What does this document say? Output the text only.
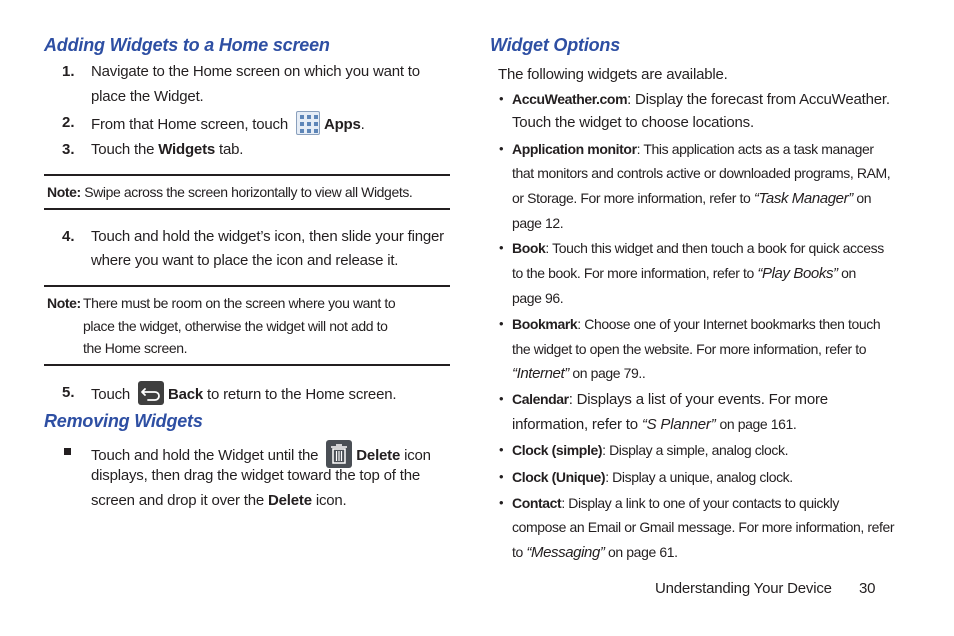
Adding Widgets to a Home screen
1. Navigate to the Home screen on which you want to
place the Widget.
2. From that Home screen, touch Apps.
3. Touch the Widgets tab.
Note: Swipe across the screen horizontally to view all Widgets.
4. Touch and hold the widget’s icon, then slide your finger
where you want to place the icon and release it.
Note: There must be room on the screen where you want to
place the widget, otherwise the widget will not add to
the Home screen.
5. Touch	Back to return to the Home screen.
Removing Widgets
Touch and hold the Widget until the	Delete icon
displays, then drag the widget toward the top of the
screen and drop it over the Delete icon.
Widget Options
The following widgets are available.
• AccuWeather.com: Display the forecast from AccuWeather.
Touch the widget to choose locations.
• Application monitor: This application acts as a task manager
that monitors and controls active or downloaded programs, RAM,
or Storage. For more information, refer to “Task Manager” on
page 12.
• Book: Touch this widget and then touch a book for quick access
to the book. For more information, refer to “Play Books” on
page 96.
• Bookmark: Choose one of your Internet bookmarks then touch
the widget to open the website. For more information, refer to
“Internet” on page 79..
• Calendar: Displays a list of your events. For more
information, refer to “S Planner” on page 161.
• Clock (simple): Display a simple, analog clock.
• Clock (Unique): Display a unique, analog clock.
• Contact: Display a link to one of your contacts to quickly
compose an Email or Gmail message. For more information, refer
to “Messaging” on page 61.
Understanding Your Device 30
